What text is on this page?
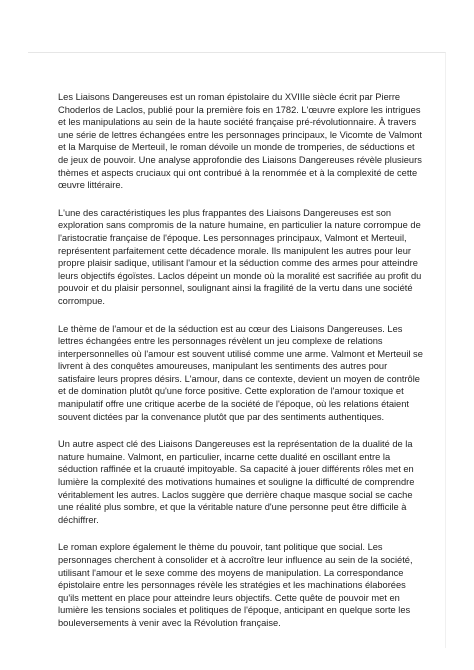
Les Liaisons Dangereuses est un roman épistolaire du XVIIIe siècle écrit par Pierre Choderlos de Laclos, publié pour la première fois en 1782. L'œuvre explore les intrigues et les manipulations au sein de la haute société française pré-révolutionnaire. À travers une série de lettres échangées entre les personnages principaux, le Vicomte de Valmont et la Marquise de Merteuil, le roman dévoile un monde de tromperies, de séductions et de jeux de pouvoir. Une analyse approfondie des Liaisons Dangereuses révèle plusieurs thèmes et aspects cruciaux qui ont contribué à la renommée et à la complexité de cette œuvre littéraire.

L'une des caractéristiques les plus frappantes des Liaisons Dangereuses est son exploration sans compromis de la nature humaine, en particulier la nature corrompue de l'aristocratie française de l'époque. Les personnages principaux, Valmont et Merteuil, représentent parfaitement cette décadence morale. Ils manipulent les autres pour leur propre plaisir sadique, utilisant l'amour et la séduction comme des armes pour atteindre leurs objectifs égoïstes. Laclos dépeint un monde où la moralité est sacrifiée au profit du pouvoir et du plaisir personnel, soulignant ainsi la fragilité de la vertu dans une société corrompue.

Le thème de l'amour et de la séduction est au cœur des Liaisons Dangereuses. Les lettres échangées entre les personnages révèlent un jeu complexe de relations interpersonnelles où l'amour est souvent utilisé comme une arme. Valmont et Merteuil se livrent à des conquêtes amoureuses, manipulant les sentiments des autres pour satisfaire leurs propres désirs. L'amour, dans ce contexte, devient un moyen de contrôle et de domination plutôt qu'une force positive. Cette exploration de l'amour toxique et manipulatif offre une critique acerbe de la société de l'époque, où les relations étaient souvent dictées par la convenance plutôt que par des sentiments authentiques.

Un autre aspect clé des Liaisons Dangereuses est la représentation de la dualité de la nature humaine. Valmont, en particulier, incarne cette dualité en oscillant entre la séduction raffinée et la cruauté impitoyable. Sa capacité à jouer différents rôles met en lumière la complexité des motivations humaines et souligne la difficulté de comprendre véritablement les autres. Laclos suggère que derrière chaque masque social se cache une réalité plus sombre, et que la véritable nature d'une personne peut être difficile à déchiffrer.

Le roman explore également le thème du pouvoir, tant politique que social. Les personnages cherchent à consolider et à accroître leur influence au sein de la société, utilisant l'amour et le sexe comme des moyens de manipulation. La correspondance épistolaire entre les personnages révèle les stratégies et les machinations élaborées qu'ils mettent en place pour atteindre leurs objectifs. Cette quête de pouvoir met en lumière les tensions sociales et politiques de l'époque, anticipant en quelque sorte les bouleversements à venir avec la Révolution française.
